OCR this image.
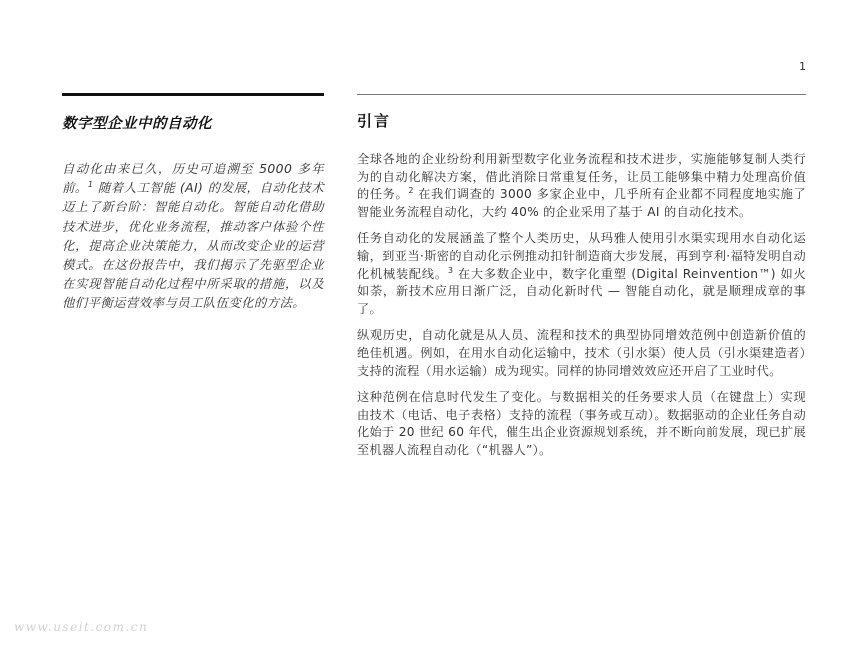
1
数字型企业中的自动化

自动化由来已久，历史可追溯至 5000 多年前。$^1$ 随着人工智能 (AI) 的发展，自动化技术迈上了新台阶：智能自动化。智能自动化借助技术进步，优化业务流程，推动客户体验个性化，提高企业决策能力，从而改变企业的运营模式。在这份报告中，我们揭示了先驱型企业在实现智能自动化过程中所采取的措施，以及他们平衡运营效率与员工队伍变化的方法。

引言

全球各地的企业纷纷利用新型数字化业务流程和技术进步，实施能够复制人类行为的自动化解决方案，借此消除日常重复任务，让员工能够集中精力处理高价值的任务。$^2$ 在我们调查的 3000 多家企业中，几乎所有企业都不同程度地实施了智能业务流程自动化，大约 40% 的企业采用了基于 AI 的自动化技术。

任务自动化的发展涵盖了整个人类历史，从玛雅人使用引水渠实现用水自动化运输，到亚当·斯密的自动化示例推动扣针制造商大步发展，再到亨利·福特发明自动化机械装配线。$^3$ 在大多数企业中，数字化重塑 (Digital Reinvention™) 如火如荼，新技术应用日渐广泛，自动化新时代 — 智能自动化，就是顺理成章的事了。

纵观历史，自动化就是从人员、流程和技术的典型协同增效范例中创造新价值的绝佳机遇。例如，在用水自动化运输中，技术（引水渠）使人员（引水渠建造者）支持的流程（用水运输）成为现实。同样的协同增效效应还开启了工业时代。

这种范例在信息时代发生了变化。与数据相关的任务要求人员（在键盘上）实现由技术（电话、电子表格）支持的流程（事务或互动）。数据驱动的企业任务自动化始于 20 世纪 60 年代，催生出企业资源规划系统，并不断向前发展，现已扩展至机器人流程自动化（“机器人”）。

www.useit.com.cn
